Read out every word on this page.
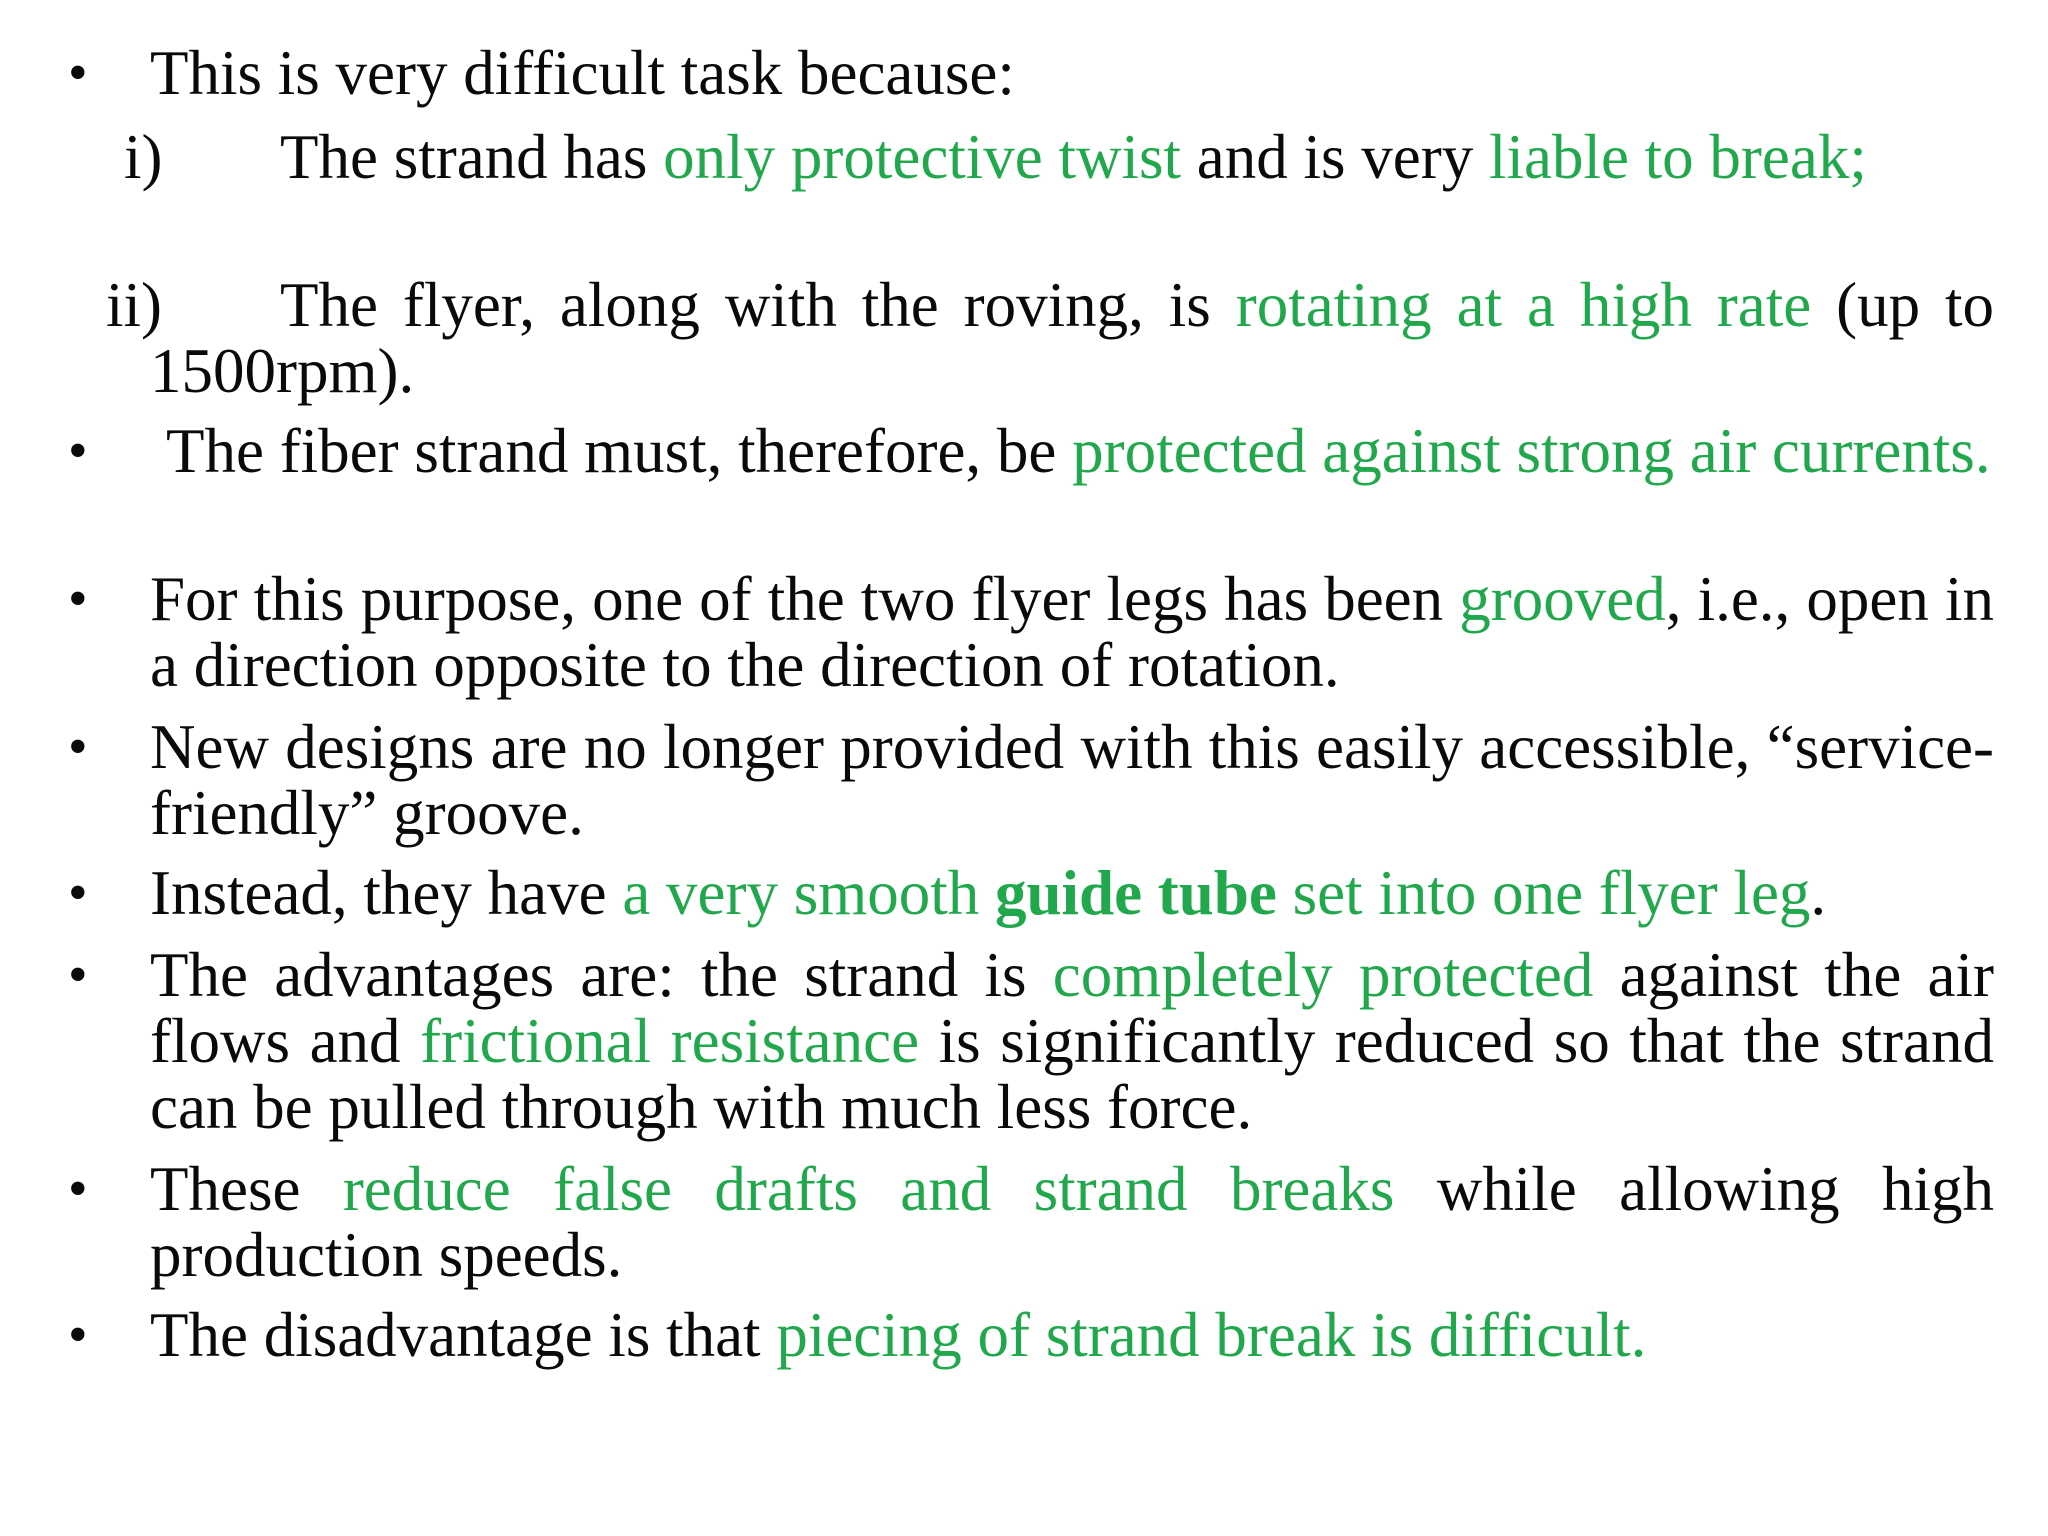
• This is very difficult task because:
i)	The strand has only protective twist and is very liable to break;
ii)	The flyer, along with the roving, is rotating at a high rate (up to 1500rpm).
• The fiber strand must, therefore, be protected against strong air currents.
• For this purpose, one of the two flyer legs has been grooved, i.e., open in a direction opposite to the direction of rotation.
• New designs are no longer provided with this easily accessible, “service-friendly” groove.
• Instead, they have a very smooth guide tube set into one flyer leg.
• The advantages are: the strand is completely protected against the air flows and frictional resistance is significantly reduced so that the strand can be pulled through with much less force.
• These reduce false drafts and strand breaks while allowing high production speeds.
• The disadvantage is that piecing of strand break is difficult.
